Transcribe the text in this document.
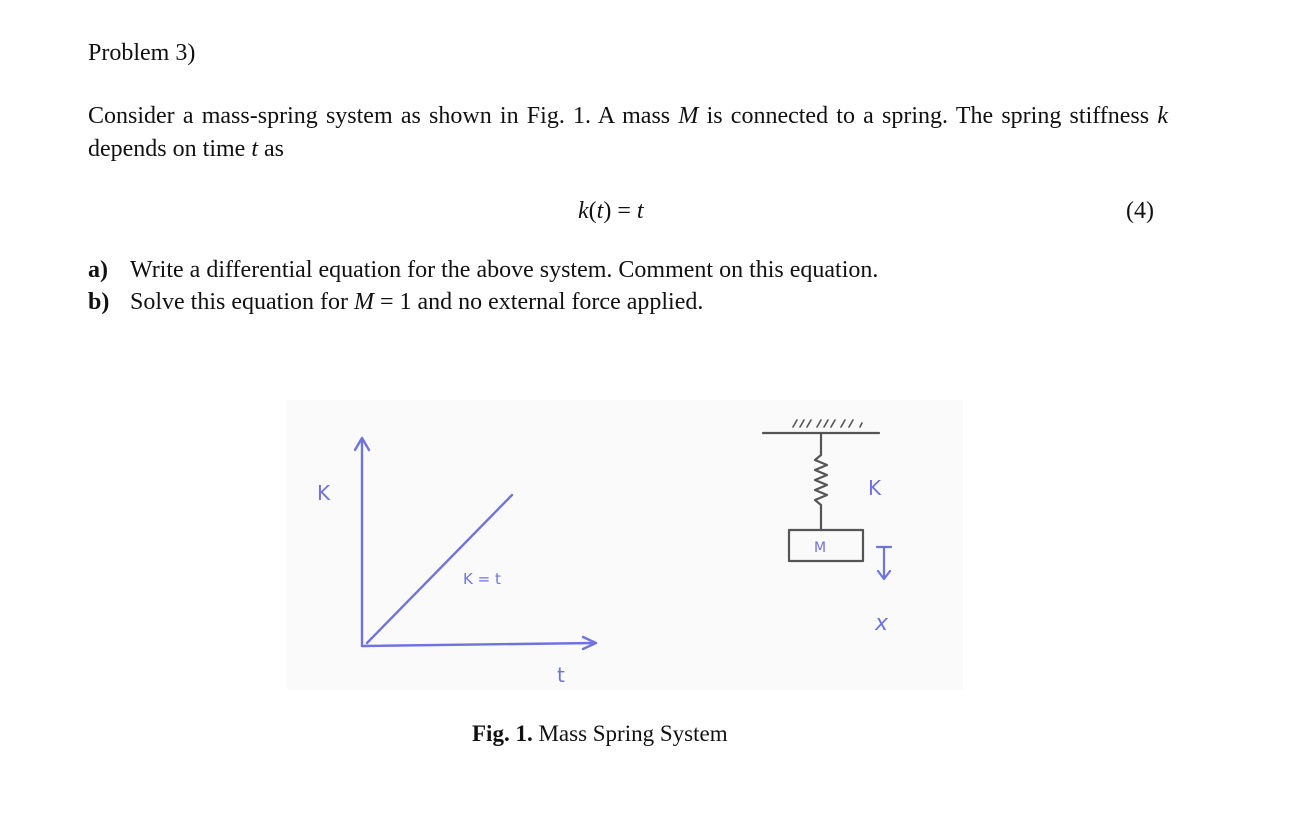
Problem 3)
Consider a mass-spring system as shown in Fig. 1. A mass M is connected to a spring. The spring stiffness k depends on time t as
k(t) = t	(4)
a) Write a differential equation for the above system. Comment on this equation.
b) Solve this equation for M = 1 and no external force applied.
K
t
K = t
K
M
x
Fig. 1. Mass Spring System
